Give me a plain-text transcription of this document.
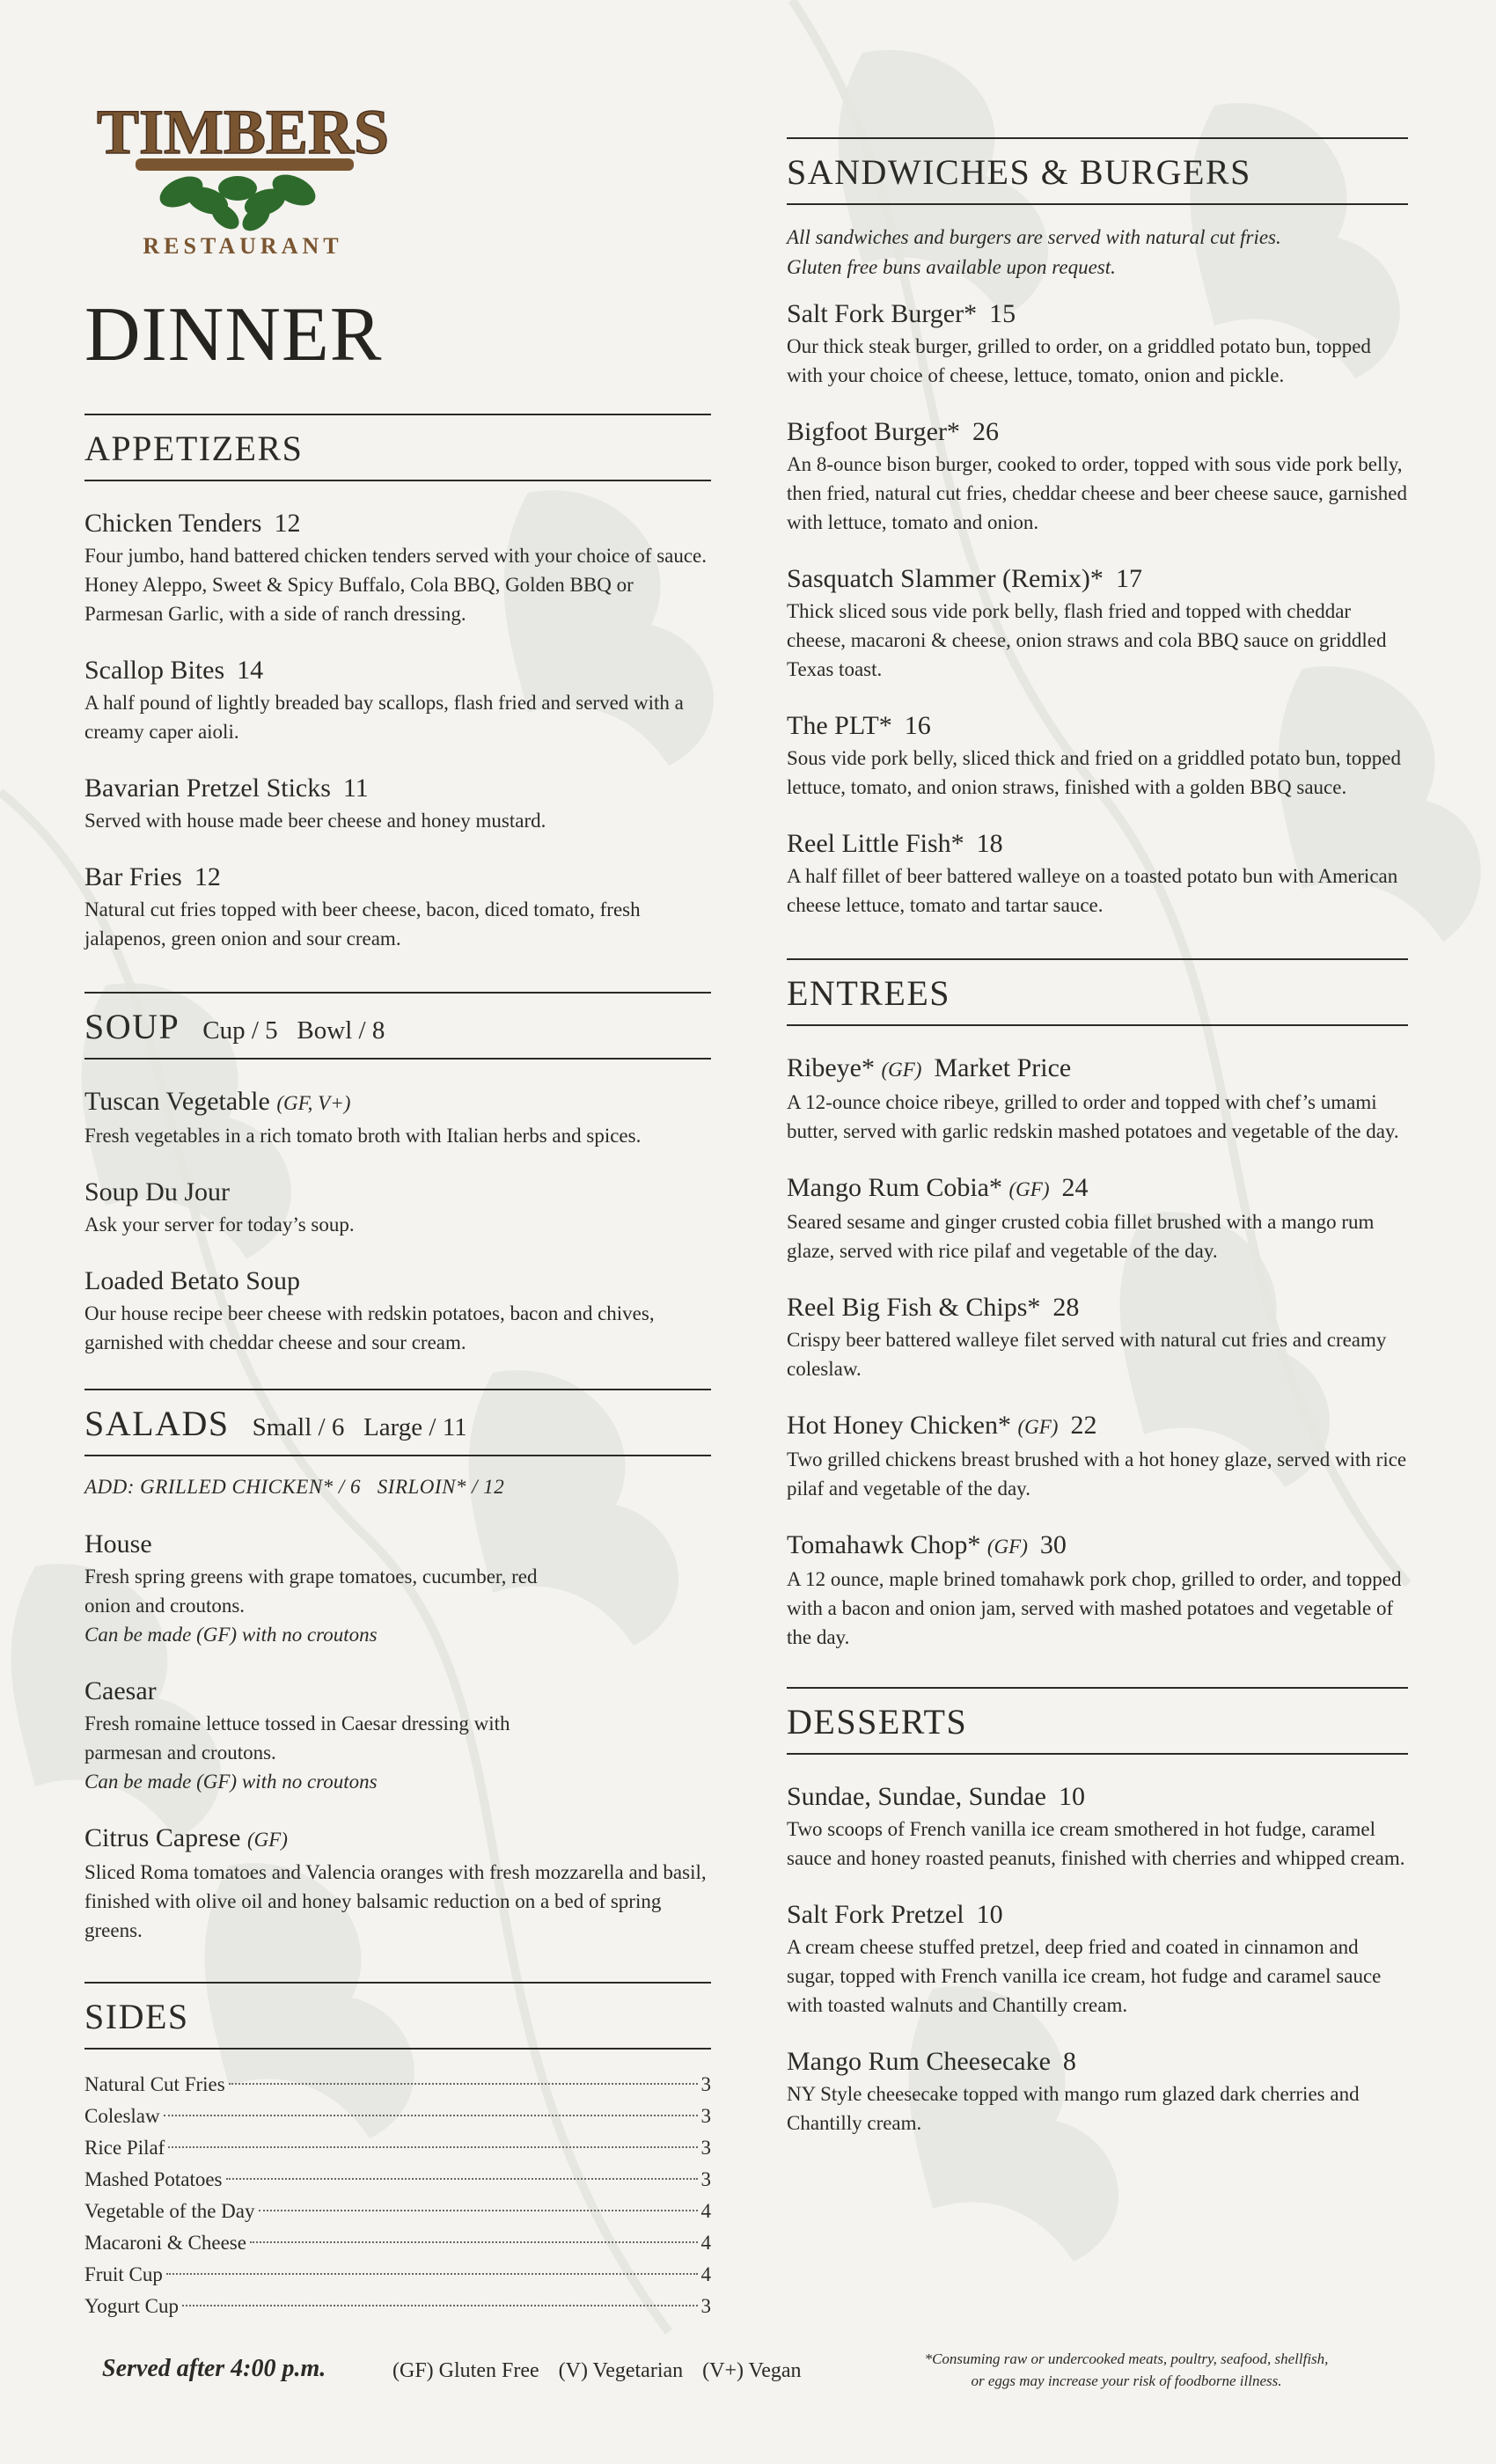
TIMBERS
RESTAURANT
DINNER
APPETIZERS
Chicken Tenders 12
Four jumbo, hand battered chicken tenders served with your choice of sauce. Honey Aleppo, Sweet & Spicy Buffalo, Cola BBQ, Golden BBQ or Parmesan Garlic, with a side of ranch dressing.
Scallop Bites 14
A half pound of lightly breaded bay scallops, flash fried and served with a creamy caper aioli.
Bavarian Pretzel Sticks 11
Served with house made beer cheese and honey mustard.
Bar Fries 12
Natural cut fries topped with beer cheese, bacon, diced tomato, fresh jalapenos, green onion and sour cream.
SOUP Cup / 5   Bowl / 8
Tuscan Vegetable (GF, V+)
Fresh vegetables in a rich tomato broth with Italian herbs and spices.
Soup Du Jour
Ask your server for today’s soup.
Loaded Betato Soup
Our house recipe beer cheese with redskin potatoes, bacon and chives, garnished with cheddar cheese and sour cream.
SALADS Small / 6   Large / 11
ADD: GRILLED CHICKEN* / 6   SIRLOIN* / 12
House
Fresh spring greens with grape tomatoes, cucumber, red onion and croutons.
Can be made (GF) with no croutons
Caesar
Fresh romaine lettuce tossed in Caesar dressing with parmesan and croutons.
Can be made (GF) with no croutons
Citrus Caprese (GF)
Sliced Roma tomatoes and Valencia oranges with fresh mozzarella and basil, finished with olive oil and honey balsamic reduction on a bed of spring greens.
SIDES
Natural Cut Fries	3
Coleslaw	3
Rice Pilaf	3
Mashed Potatoes	3
Vegetable of the Day	4
Macaroni & Cheese	4
Fruit Cup	4
Yogurt Cup	3
SANDWICHES & BURGERS
All sandwiches and burgers are served with natural cut fries.
Gluten free buns available upon request.
Salt Fork Burger* 15
Our thick steak burger, grilled to order, on a griddled potato bun, topped with your choice of cheese, lettuce, tomato, onion and pickle.
Bigfoot Burger* 26
An 8-ounce bison burger, cooked to order, topped with sous vide pork belly, then fried, natural cut fries, cheddar cheese and beer cheese sauce, garnished with lettuce, tomato and onion.
Sasquatch Slammer (Remix)* 17
Thick sliced sous vide pork belly, flash fried and topped with cheddar cheese, macaroni & cheese, onion straws and cola BBQ sauce on griddled Texas toast.
The PLT* 16
Sous vide pork belly, sliced thick and fried on a griddled potato bun, topped lettuce, tomato, and onion straws, finished with a golden BBQ sauce.
Reel Little Fish* 18
A half fillet of beer battered walleye on a toasted potato bun with American cheese lettuce, tomato and tartar sauce.
ENTREES
Ribeye* (GF) Market Price
A 12-ounce choice ribeye, grilled to order and topped with chef’s umami butter, served with garlic redskin mashed potatoes and vegetable of the day.
Mango Rum Cobia* (GF) 24
Seared sesame and ginger crusted cobia fillet brushed with a mango rum glaze, served with rice pilaf and vegetable of the day.
Reel Big Fish & Chips* 28
Crispy beer battered walleye filet served with natural cut fries and creamy coleslaw.
Hot Honey Chicken* (GF) 22
Two grilled chickens breast brushed with a hot honey glaze, served with rice pilaf and vegetable of the day.
Tomahawk Chop* (GF) 30
A 12 ounce, maple brined tomahawk pork chop, grilled to order, and topped with a bacon and onion jam, served with mashed potatoes and vegetable of the day.
DESSERTS
Sundae, Sundae, Sundae 10
Two scoops of French vanilla ice cream smothered in hot fudge, caramel sauce and honey roasted peanuts, finished with cherries and whipped cream.
Salt Fork Pretzel 10
A cream cheese stuffed pretzel, deep fried and coated in cinnamon and sugar, topped with French vanilla ice cream, hot fudge and caramel sauce with toasted walnuts and Chantilly cream.
Mango Rum Cheesecake 8
NY Style cheesecake topped with mango rum glazed dark cherries and Chantilly cream.
Served after 4:00 p.m.	(GF) Gluten Free (V) Vegetarian (V+) Vegan
*Consuming raw or undercooked meats, poultry, seafood, shellfish,
or eggs may increase your risk of foodborne illness.
